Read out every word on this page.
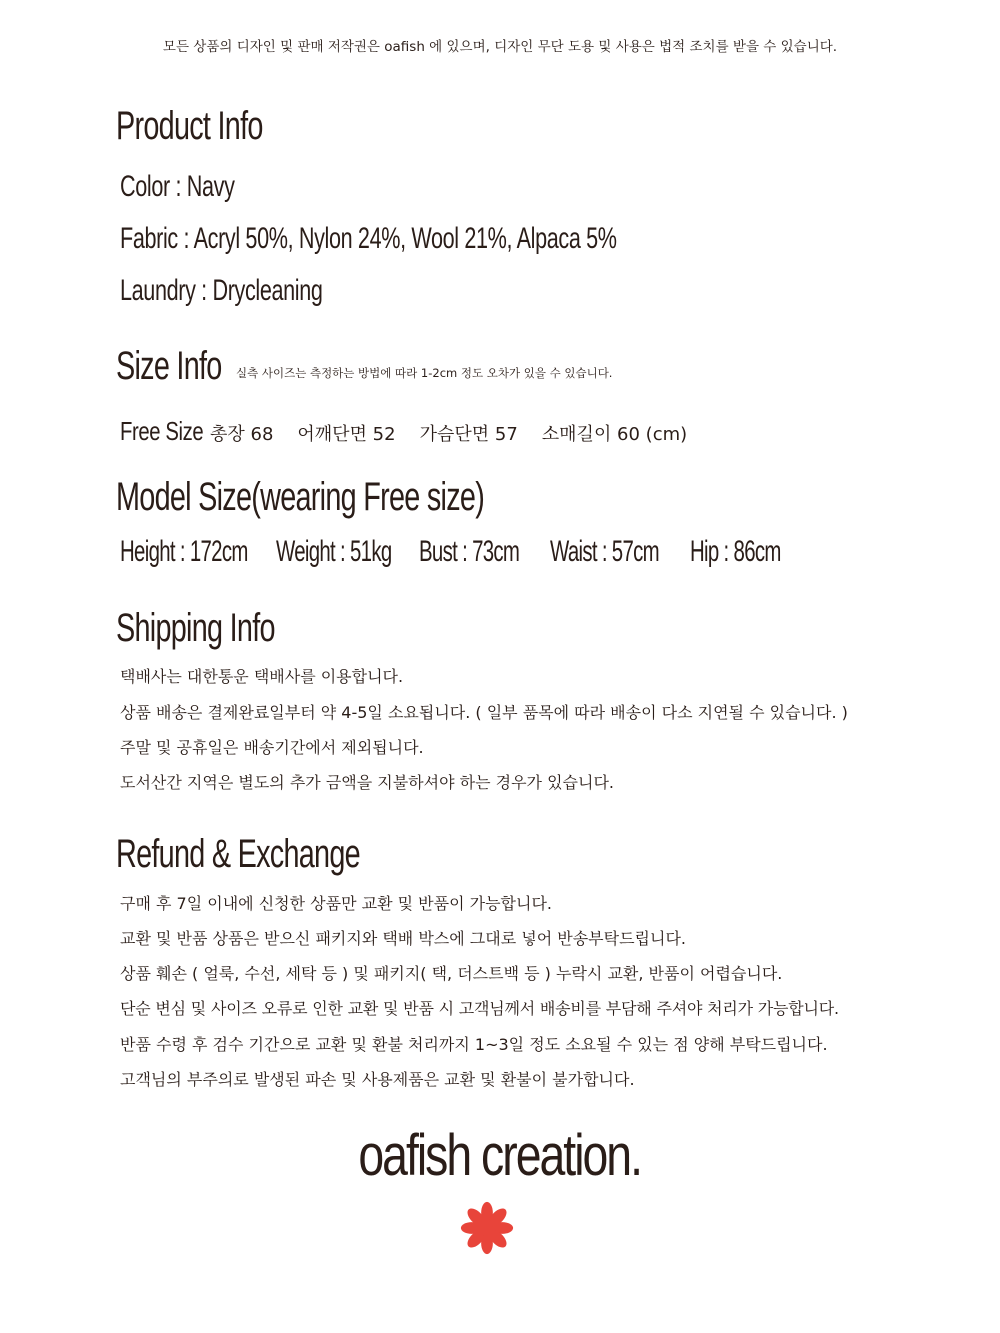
모든 상품의 디자인 및 판매 저작권은 oafish 에 있으며, 디자인 무단 도용 및 사용은 법적 조치를 받을 수 있습니다.
Product Info
Color : Navy
Fabric : Acryl 50%, Nylon 24%, Wool 21%, Alpaca 5%
Laundry : Drycleaning
Size Info 실측 사이즈는 측정하는 방법에 따라 1-2cm 정도 오차가 있을 수 있습니다.
Free Size 총장 68 어깨단면 52 가슴단면 57 소매길이 60 (cm)
Model Size(wearing Free size)
Height : 172cm Weight : 51kg Bust : 73cm Waist : 57cm Hip : 86cm
Shipping Info
택배사는 대한통운 택배사를 이용합니다.
상품 배송은 결제완료일부터 약 4-5일 소요됩니다. ( 일부 품목에 따라 배송이 다소 지연될 수 있습니다. )
주말 및 공휴일은 배송기간에서 제외됩니다.
도서산간 지역은 별도의 추가 금액을 지불하셔야 하는 경우가 있습니다.
Refund & Exchange
구매 후 7일 이내에 신청한 상품만 교환 및 반품이 가능합니다.
교환 및 반품 상품은 받으신 패키지와 택배 박스에 그대로 넣어 반송부탁드립니다.
상품 훼손 ( 얼룩, 수선, 세탁 등 ) 및 패키지( 택, 더스트백 등 ) 누락시 교환, 반품이 어렵습니다.
단순 변심 및 사이즈 오류로 인한 교환 및 반품 시 고객님께서 배송비를 부담해 주셔야 처리가 가능합니다.
반품 수령 후 검수 기간으로 교환 및 환불 처리까지 1~3일 정도 소요될 수 있는 점 양해 부탁드립니다.
고객님의 부주의로 발생된 파손 및 사용제품은 교환 및 환불이 불가합니다.
oafish creation.
